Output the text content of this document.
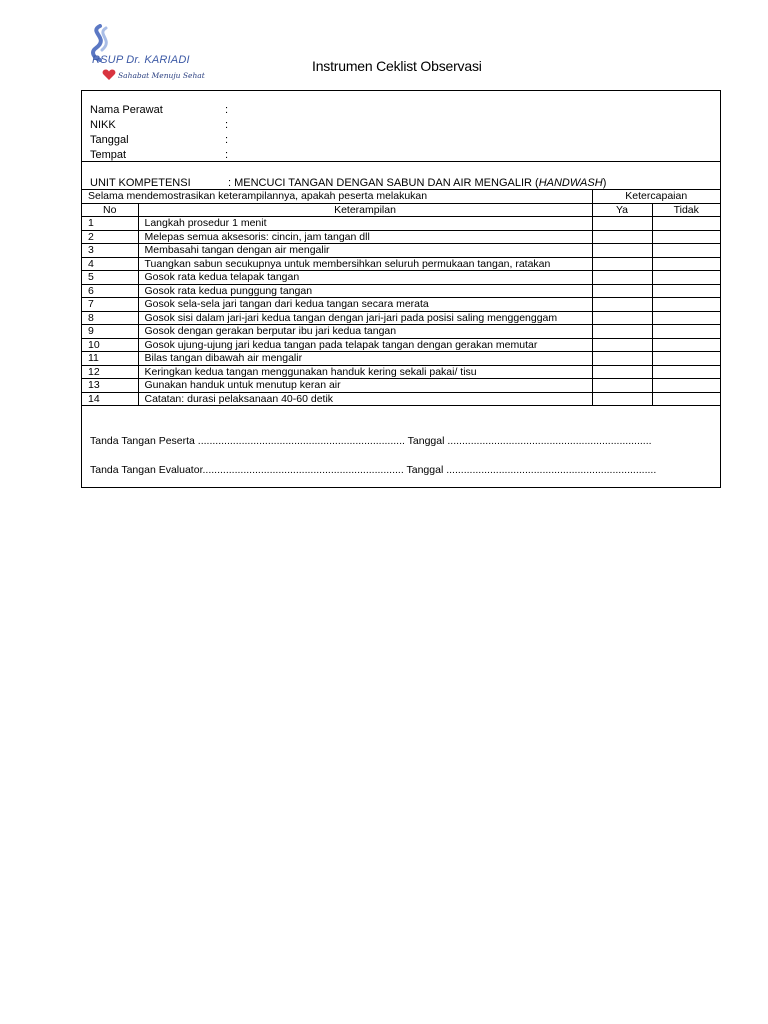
RSUP Dr. KARIADI
Sahabat Menuju Sehat
Instrumen Ceklist Observasi
Nama Perawat	:
NIKK	:
Tanggal	:
Tempat	:
UNIT KOMPETENSI	: MENCUCI TANGAN DENGAN SABUN DAN AIR MENGALIR (HANDWASH)
Selama mendemostrasikan keterampilannya, apakah peserta melakukan		Ketercapaian	
No	Keterampilan	Ya	Tidak
1	Langkah prosedur 1 menit		
2	Melepas semua aksesoris: cincin, jam tangan dll		
3	Membasahi tangan dengan air mengalir		
4	Tuangkan sabun secukupnya untuk membersihkan seluruh permukaan tangan, ratakan		
5	Gosok rata kedua telapak tangan		
6	Gosok rata kedua punggung tangan		
7	Gosok sela-sela jari tangan dari kedua tangan secara merata		
8	Gosok sisi dalam jari-jari kedua tangan dengan jari-jari pada posisi saling menggenggam		
9	Gosok dengan gerakan berputar ibu jari kedua tangan		
10	Gosok ujung-ujung jari kedua tangan pada telapak tangan dengan gerakan memutar		
11	Bilas tangan dibawah air mengalir		
12	Keringkan kedua tangan menggunakan handuk kering sekali pakai/ tisu		
13	Gunakan handuk untuk menutup keran air		
14	Catatan: durasi pelaksanaan 40-60 detik		
Tanda Tangan Peserta ....................................................................... Tanggal ......................................................................
Tanda Tangan Evaluator..................................................................... Tanggal ........................................................................
